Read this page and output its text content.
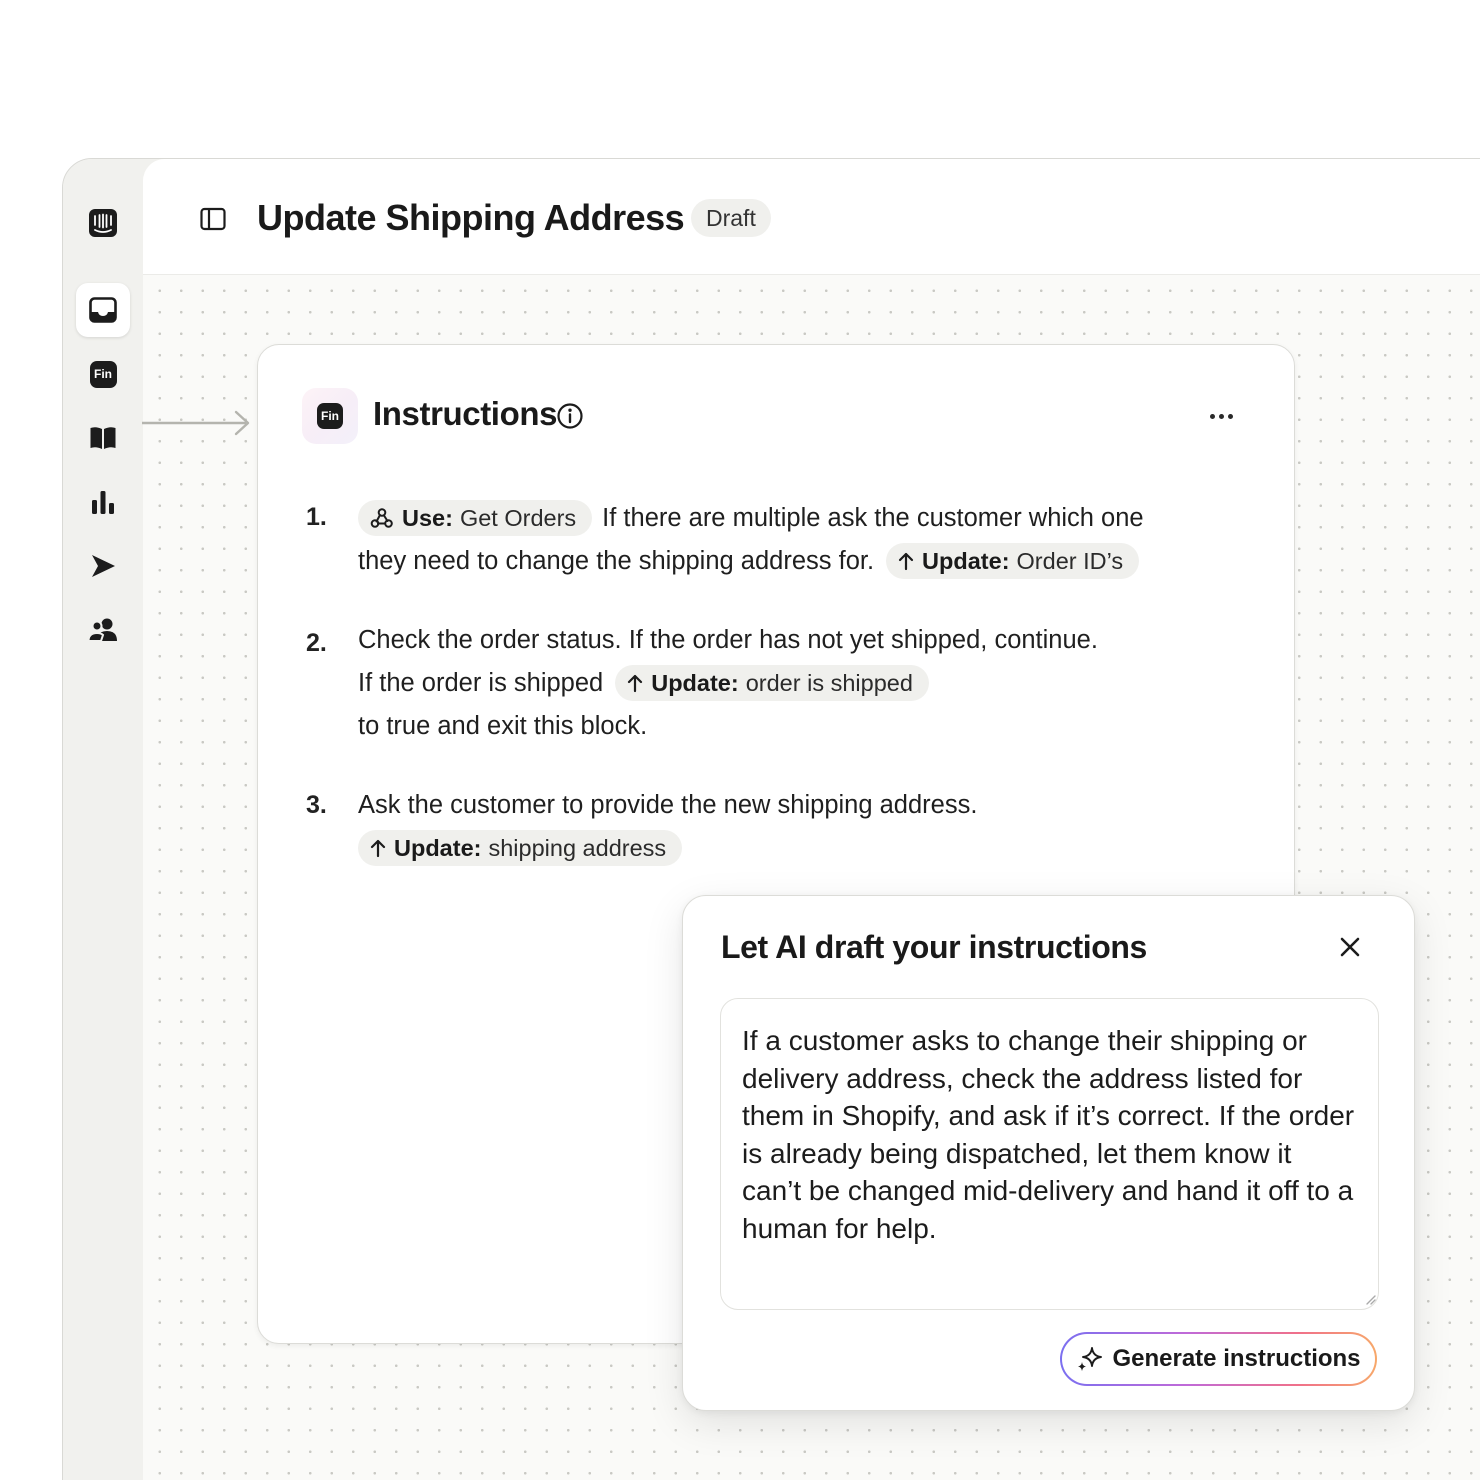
Fin
Update Shipping Address Draft
Fin Instructions
1.	Use: Get Orders If there are multiple ask the customer which one
they need to change the shipping address for. Update: Order ID’s
2. Check the order status. If the order has not yet shipped, continue.
If the order is shipped Update: order is shipped
to true and exit this block.
3. Ask the customer to provide the new shipping address.
Update: shipping address
Let AI draft your instructions
If a customer asks to change their shipping or delivery address, check the address listed for them in Shopify, and ask if it’s correct. If the order is already being dispatched, let them know it can’t be changed mid-delivery and hand it off to a human for help.
Generate instructions
